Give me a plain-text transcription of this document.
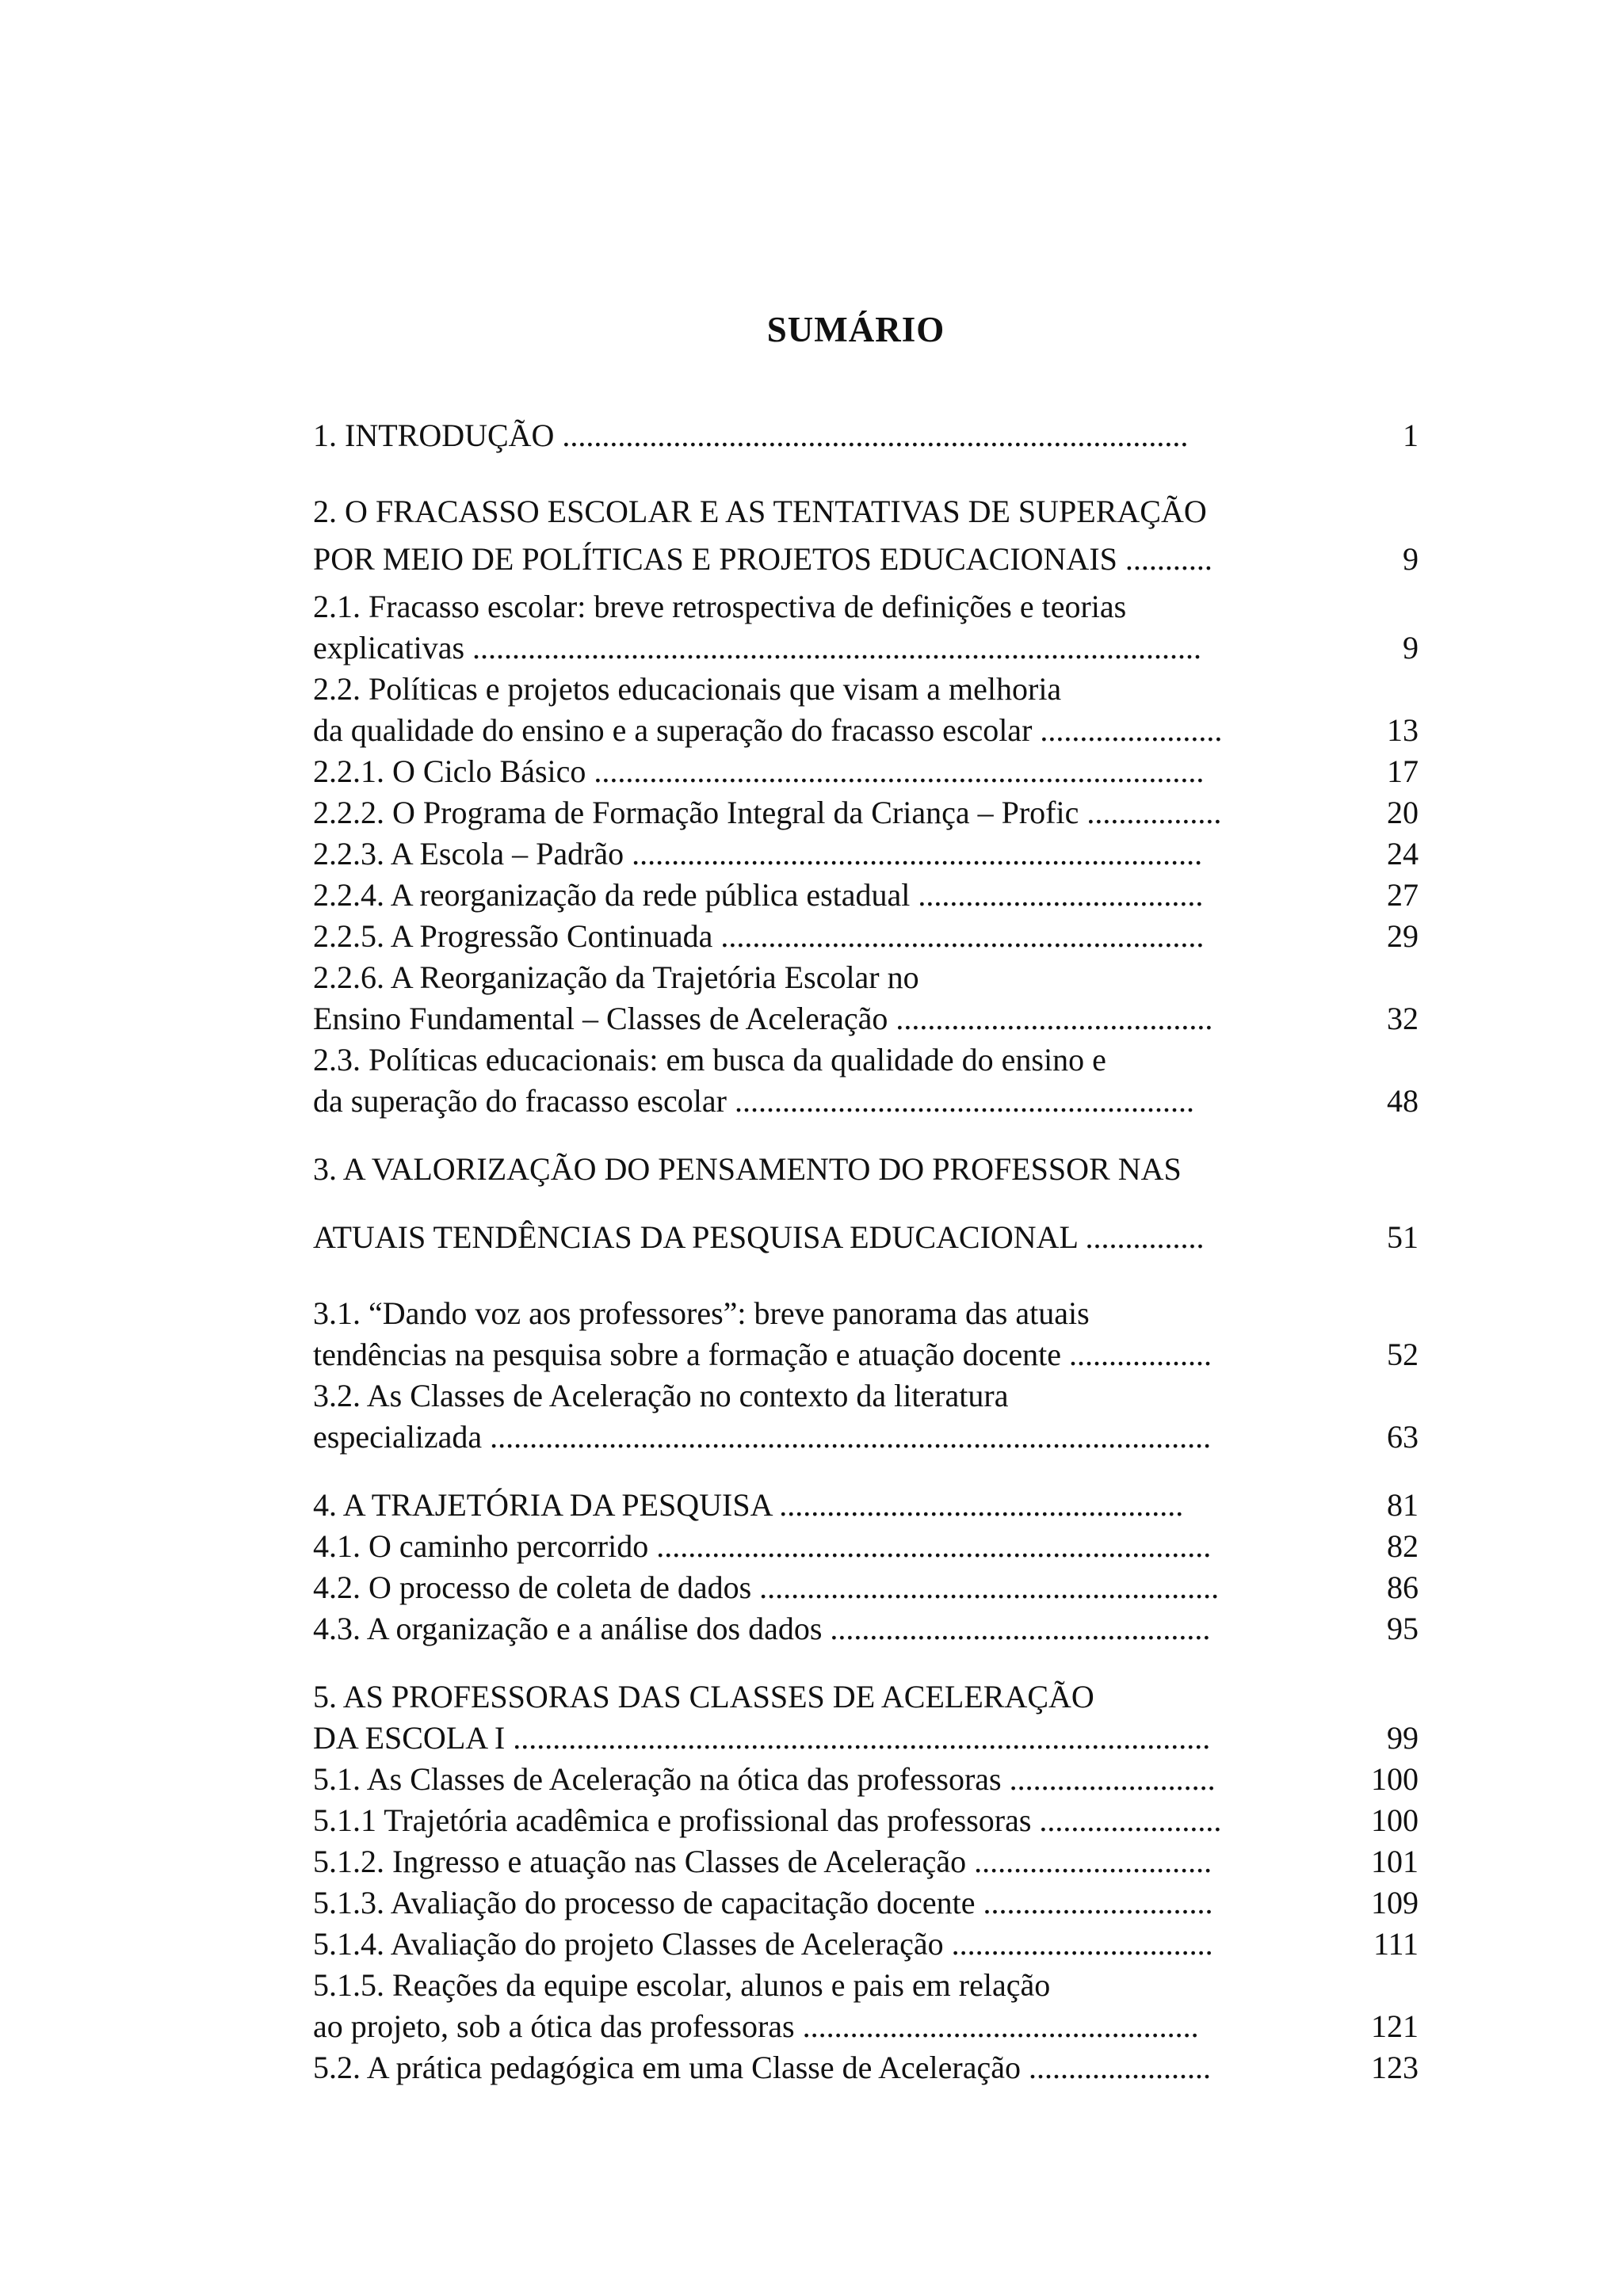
SUMÁRIO
1. INTRODUÇÃO ...............................................................................	1
2. O FRACASSO ESCOLAR E AS TENTATIVAS DE SUPERAÇÃO
POR MEIO DE POLÍTICAS E PROJETOS EDUCACIONAIS ...........	9
2.1. Fracasso escolar: breve retrospectiva de definições e teorias
explicativas ............................................................................................	9
2.2. Políticas e projetos educacionais que visam a melhoria
da qualidade do ensino e a superação do fracasso escolar .......................	13
2.2.1. O Ciclo Básico .............................................................................	17
2.2.2. O Programa de Formação Integral da Criança – Profic .................	20
2.2.3. A Escola – Padrão ........................................................................	24
2.2.4. A reorganização da rede pública estadual ....................................	27
2.2.5. A Progressão Continuada .............................................................	29
2.2.6. A Reorganização da Trajetória Escolar no
Ensino Fundamental – Classes de Aceleração ........................................	32
2.3. Políticas educacionais: em busca da qualidade do ensino e
da superação do fracasso escolar ..........................................................	48
3. A VALORIZAÇÃO DO PENSAMENTO DO PROFESSOR NAS
ATUAIS TENDÊNCIAS DA PESQUISA EDUCACIONAL ...............	51
3.1. “Dando voz aos professores”: breve panorama das atuais
tendências na pesquisa sobre a formação e atuação docente ..................	52
3.2. As Classes de Aceleração no contexto da literatura
especializada ...........................................................................................	63
4. A TRAJETÓRIA DA PESQUISA ...................................................	81
4.1. O caminho percorrido ......................................................................	82
4.2. O processo de coleta de dados ..........................................................	86
4.3. A organização e a análise dos dados ................................................	95
5. AS PROFESSORAS DAS CLASSES DE ACELERAÇÃO
DA ESCOLA I ........................................................................................	99
5.1. As Classes de Aceleração na ótica das professoras ..........................	100
5.1.1 Trajetória acadêmica e profissional das professoras .......................	100
5.1.2. Ingresso e atuação nas Classes de Aceleração ..............................	101
5.1.3. Avaliação do processo de capacitação docente .............................	109
5.1.4. Avaliação do projeto Classes de Aceleração .................................	111
5.1.5. Reações da equipe escolar, alunos e pais em relação
ao projeto, sob a ótica das professoras ..................................................	121
5.2. A prática pedagógica em uma Classe de Aceleração .......................	123
